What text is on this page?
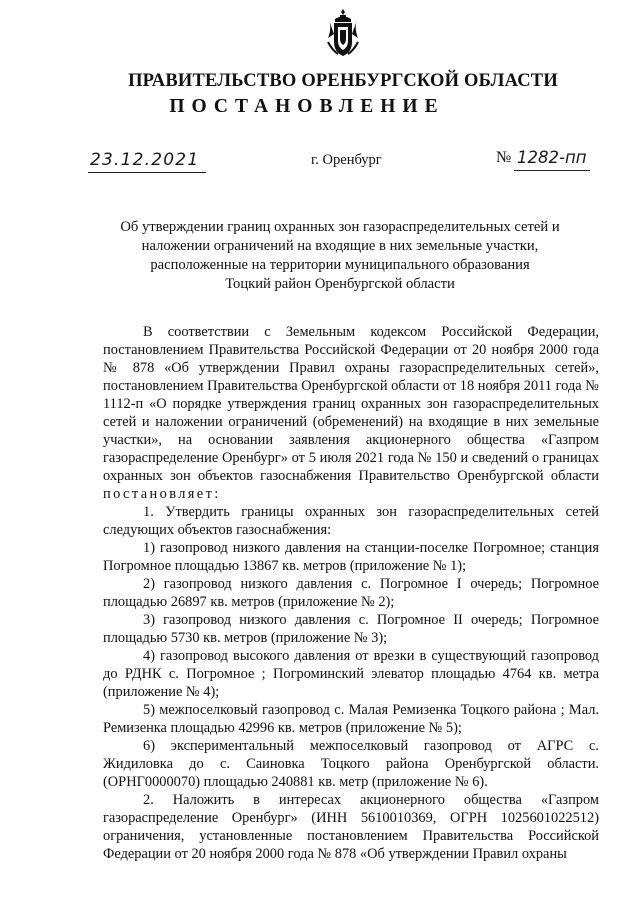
ПРАВИТЕЛЬСТВО ОРЕНБУРГСКОЙ ОБЛАСТИ
ПОСТАНОВЛЕНИЕ
23.12.2021	г. Оренбург	№ 1282-пп
Об утверждении границ охранных зон газораспределительных сетей и
наложении ограничений на входящие в них земельные участки,
расположенные на территории муниципального образования
Тоцкий район Оренбургской области

В соответствии с Земельным кодексом Российской Федерации, постановлением Правительства Российской Федерации от 20 ноября 2000 года № 878 «Об утверждении Правил охраны газораспределительных сетей», постановлением Правительства Оренбургской области от 18 ноября 2011 года № 1112-п «О порядке утверждения границ охранных зон газораспределительных сетей и наложении ограничений (обременений) на входящие в них земельные участки», на основании заявления акционерного общества «Газпром газораспределение Оренбург» от 5 июля 2021 года № 150 и сведений о границах охранных зон объектов газоснабжения Правительство Оренбургской области постановляет:

1. Утвердить границы охранных зон газораспределительных сетей следующих объектов газоснабжения:

1) газопровод низкого давления на станции-поселке Погромное; станция Погромное площадью 13867 кв. метров (приложение № 1);

2) газопровод низкого давления с. Погромное I очередь; Погромное площадью 26897 кв. метров (приложение № 2);

3) газопровод низкого давления с. Погромное II очередь; Погромное площадью 5730 кв. метров (приложение № 3);

4) газопровод высокого давления от врезки в существующий газопровод до РДНК с. Погромное ; Погроминский элеватор площадью 4764 кв. метра (приложение № 4);

5) межпоселковый газопровод с. Малая Ремизенка Тоцкого района ; Мал. Ремизенка площадью 42996 кв. метров (приложение № 5);

6) экспериментальный межпоселковый газопровод от АГРС с. Жидиловка до с. Саиновка Тоцкого района Оренбургской области.(ОРНГ0000070) площадью 240881 кв. метр (приложение № 6).

2. Наложить в интересах акционерного общества «Газпром газораспределение Оренбург» (ИНН 5610010369, ОГРН 1025601022512) ограничения, установленные постановлением Правительства Российской Федерации от 20 ноября 2000 года № 878 «Об утверждении Правил охраны
